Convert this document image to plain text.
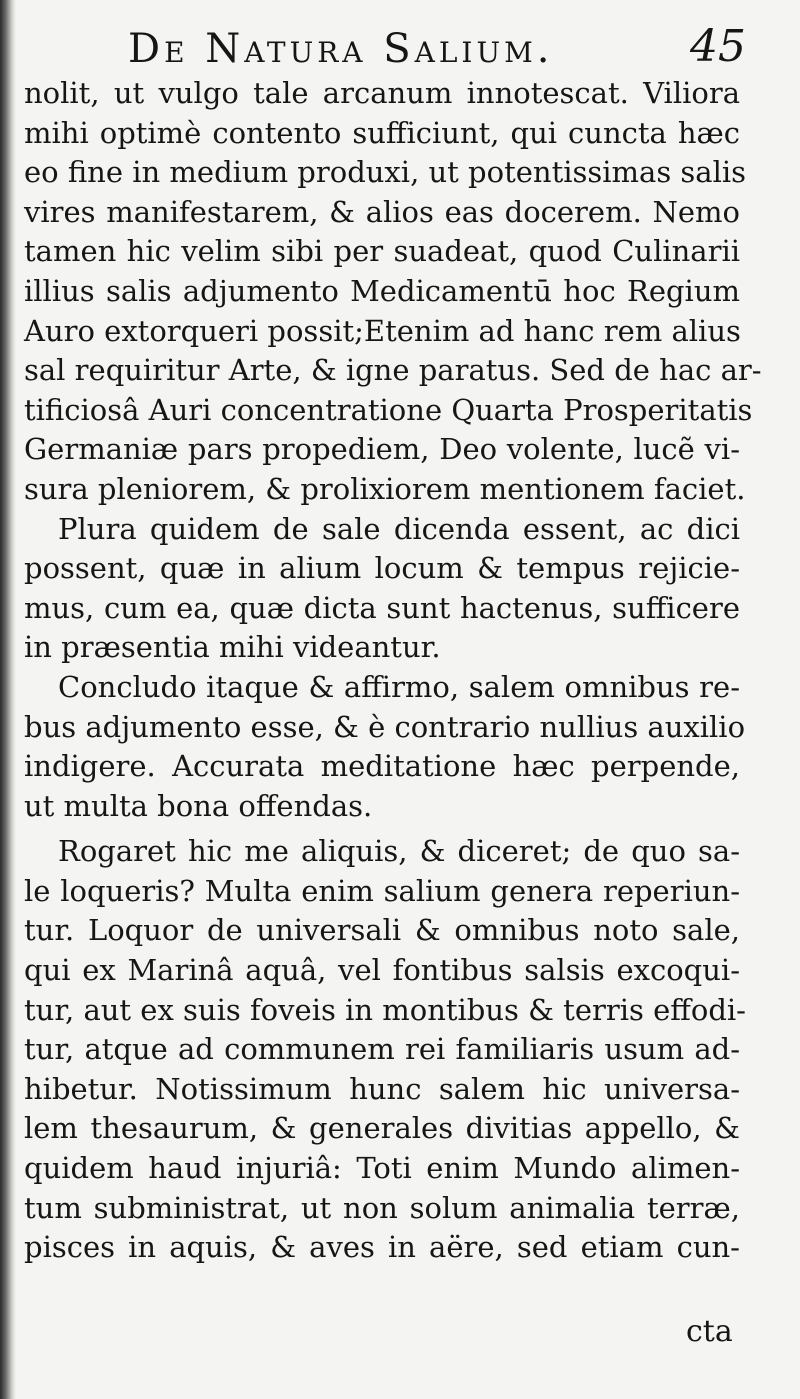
De Natura Salium.	45
nolit, ut vulgo tale arcanum innotescat. Viliora
mihi optimè contento sufficiunt, qui cuncta hæc
eo fine in medium produxi, ut potentissimas salis
vires manifestarem, & alios eas docerem. Nemo
tamen hic velim sibi per suadeat, quod Culinarii
illius salis adjumento Medicamentū hoc Regium
Auro extorqueri possit;Etenim ad hanc rem alius
sal requiritur Arte, & igne paratus. Sed de hac ar-
tificiosâ Auri concentratione Quarta Prosperitatis
Germaniæ pars propediem, Deo volente, lucẽ vi-
sura pleniorem, & prolixiorem mentionem faciet.
Plura quidem de sale dicenda essent, ac dici
possent, quæ in alium locum & tempus rejicie-
mus, cum ea, quæ dicta sunt hactenus, sufficere
in præsentia mihi videantur.
Concludo itaque & affirmo, salem omnibus re-
bus adjumento esse, & è contrario nullius auxilio
indigere. Accurata meditatione hæc perpende,
ut multa bona offendas.
Rogaret hic me aliquis, & diceret; de quo sa-
le loqueris? Multa enim salium genera reperiun-
tur. Loquor de universali & omnibus noto sale,
qui ex Marinâ aquâ, vel fontibus salsis excoqui-
tur, aut ex suis foveis in montibus & terris effodi-
tur, atque ad communem rei familiaris usum ad-
hibetur. Notissimum hunc salem hic universa-
lem thesaurum, & generales divitias appello, &
quidem haud injuriâ: Toti enim Mundo alimen-
tum subministrat, ut non solum animalia terræ,
pisces in aquis, & aves in aëre, sed etiam cun-
cta
